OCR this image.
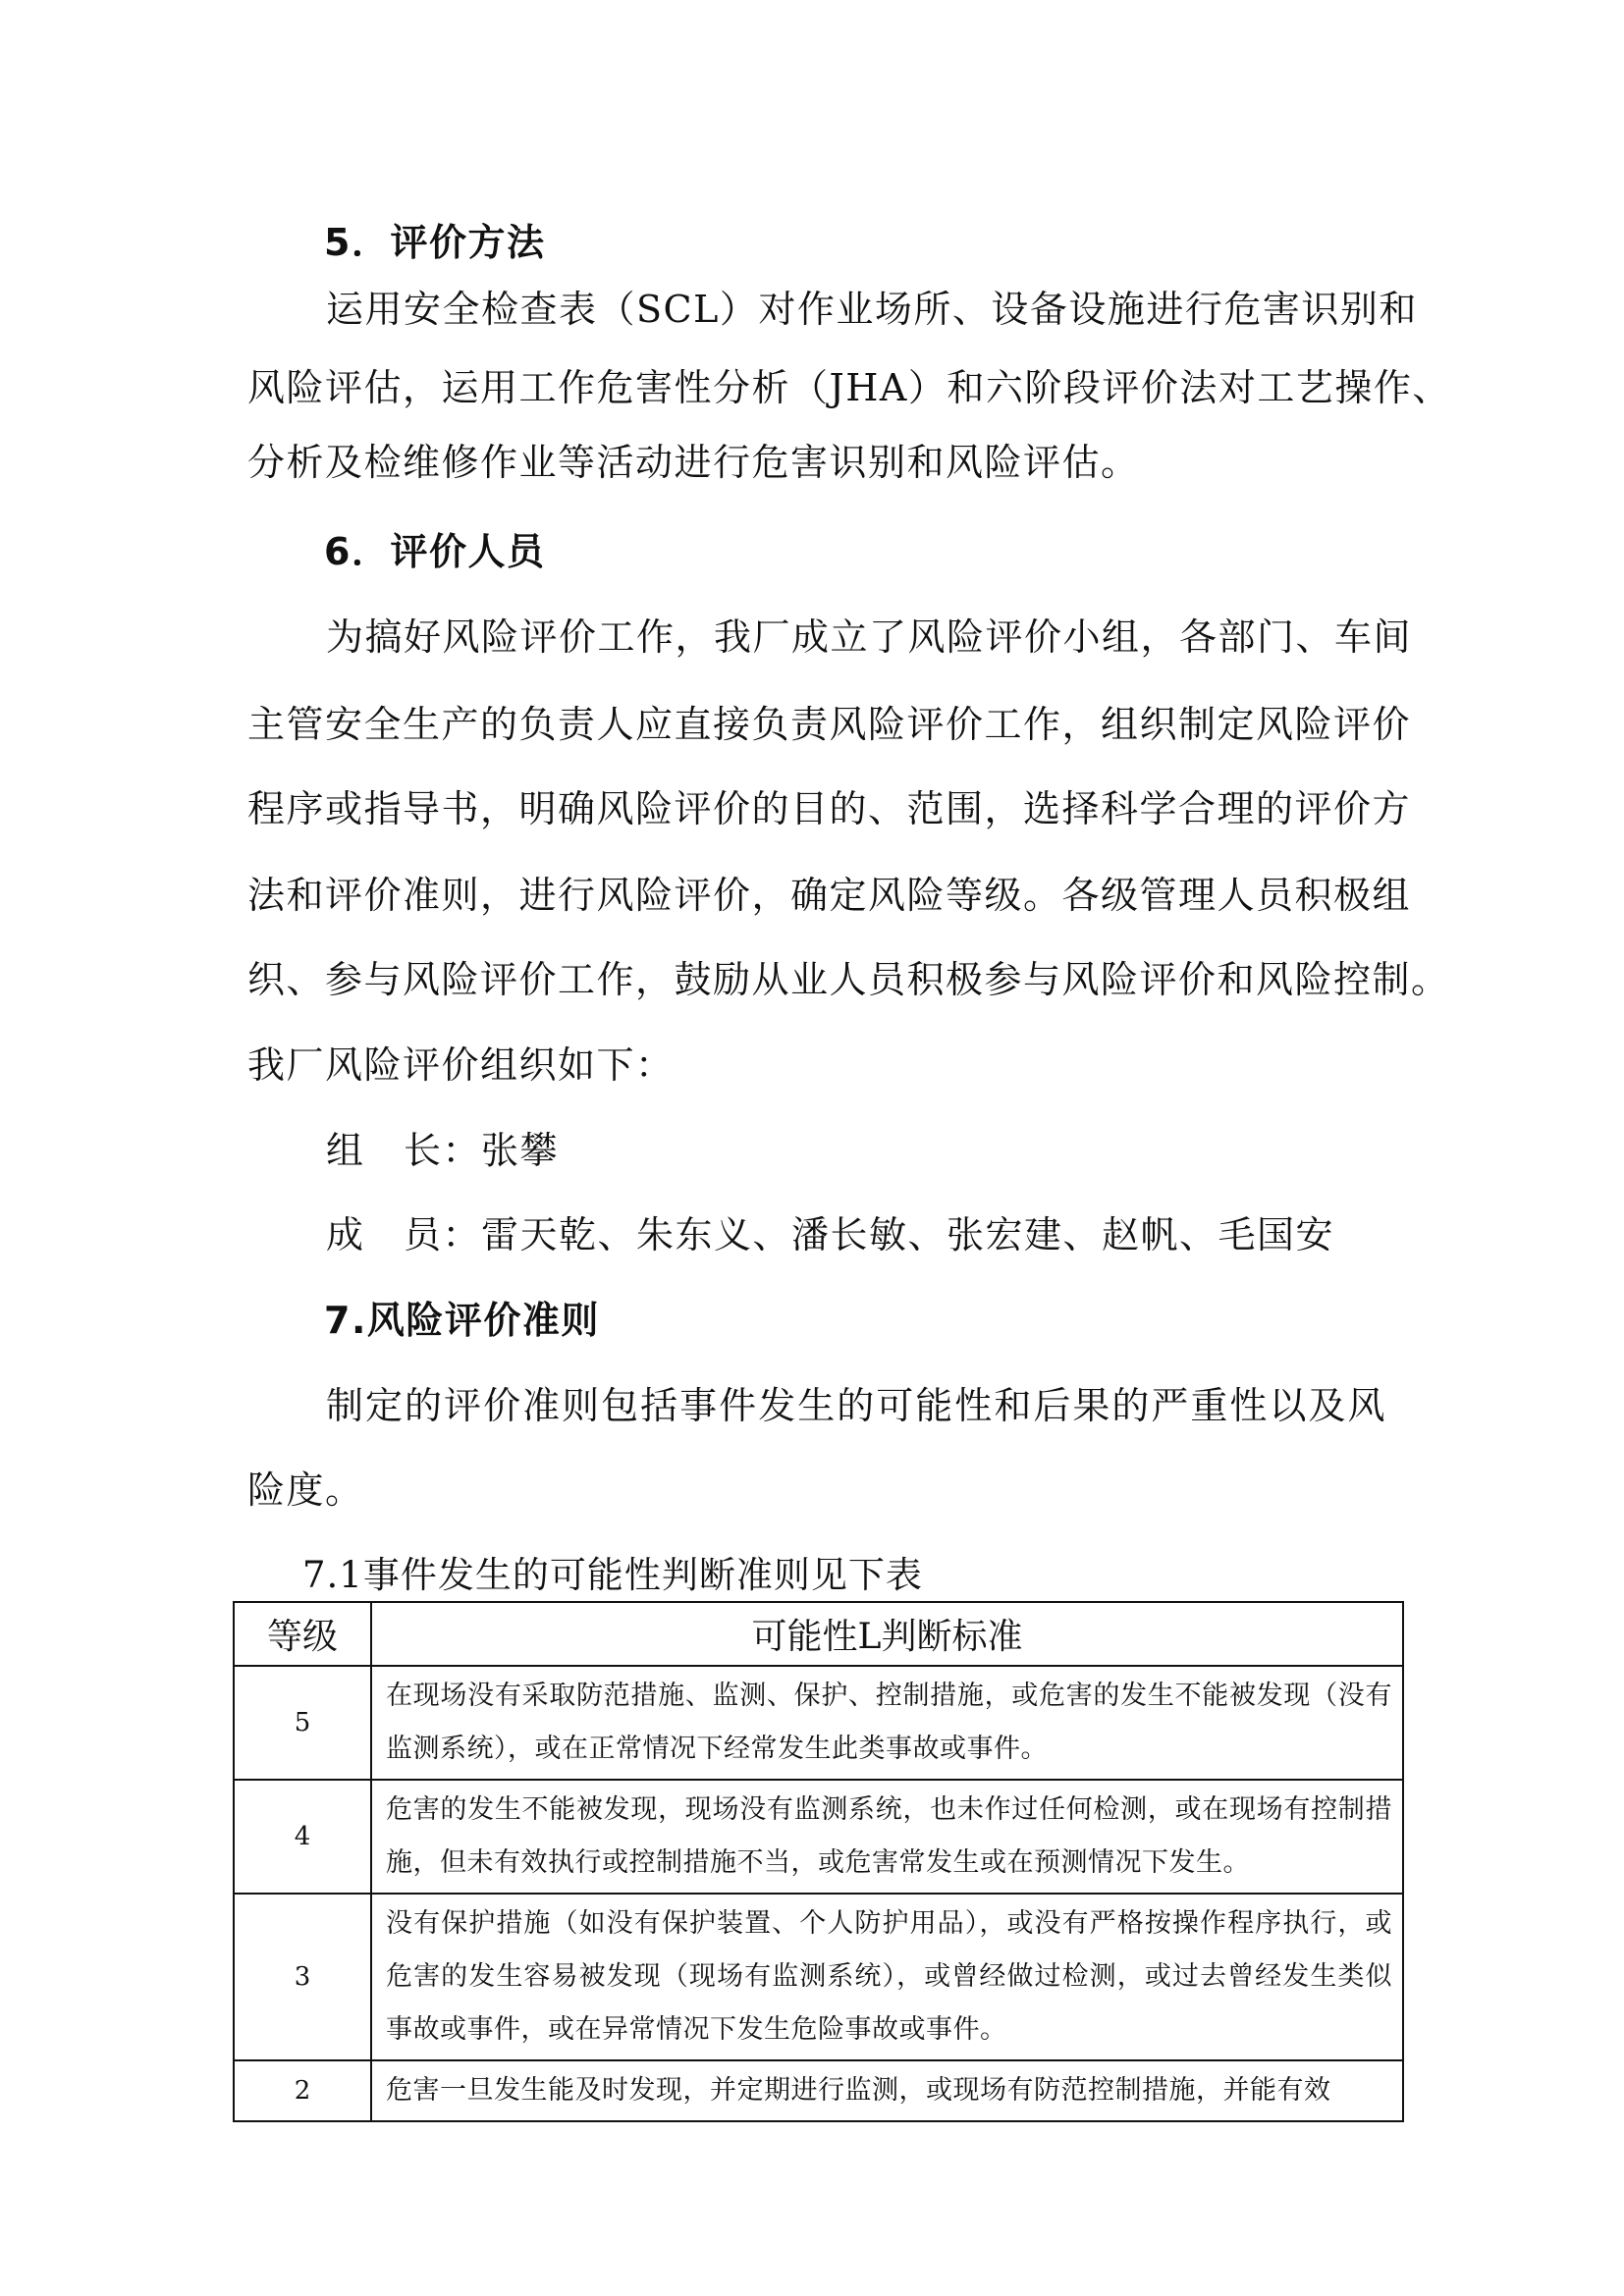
5．评价方法
运用安全检查表（SCL）对作业场所、设备设施进行危害识别和
风险评估，运用工作危害性分析（JHA）和六阶段评价法对工艺操作、
分析及检维修作业等活动进行危害识别和风险评估。
6．评价人员
为搞好风险评价工作，我厂成立了风险评价小组，各部门、车间
主管安全生产的负责人应直接负责风险评价工作，组织制定风险评价
程序或指导书，明确风险评价的目的、范围，选择科学合理的评价方
法和评价准则，进行风险评价，确定风险等级。各级管理人员积极组
织、参与风险评价工作，鼓励从业人员积极参与风险评价和风险控制。
我厂风险评价组织如下：
组　长：张攀
成　员：雷天乾、朱东义、潘长敏、张宏建、赵帆、毛国安
7.风险评价准则
制定的评价准则包括事件发生的可能性和后果的严重性以及风
险度。
7.1事件发生的可能性判断准则见下表
等级	可能性L判断标准
5	在现场没有采取防范措施、监测、保护、控制措施，或危害的发生不能被发现（没有监测系统），或在正常情况下经常发生此类事故或事件。
4	危害的发生不能被发现，现场没有监测系统，也未作过任何检测，或在现场有控制措施，但未有效执行或控制措施不当，或危害常发生或在预测情况下发生。
3	没有保护措施（如没有保护装置、个人防护用品），或没有严格按操作程序执行，或危害的发生容易被发现（现场有监测系统），或曾经做过检测，或过去曾经发生类似事故或事件，或在异常情况下发生危险事故或事件。
2	危害一旦发生能及时发现，并定期进行监测，或现场有防范控制措施，并能有效
